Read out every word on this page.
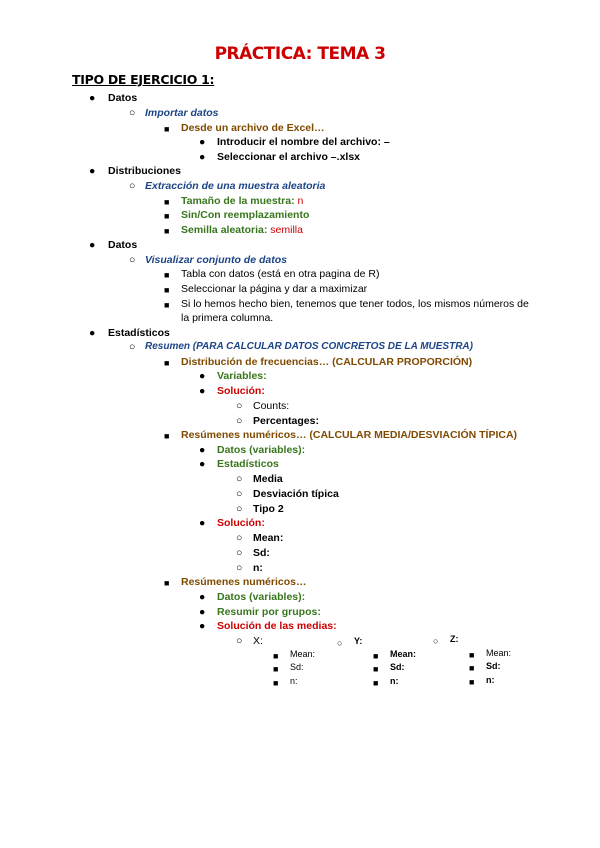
PRÁCTICA: TEMA 3
TIPO DE EJERCICIO 1:
● Datos
○ Importar datos
■ Desde un archivo de Excel…
● Introducir el nombre del archivo: –
● Seleccionar el archivo –.xlsx
● Distribuciones
○ Extracción de una muestra aleatoria
■ Tamaño de la muestra: n
■ Sin/Con reemplazamiento
■ Semilla aleatoria: semilla
● Datos
○ Visualizar conjunto de datos
■ Tabla con datos (está en otra pagina de R)
■ Seleccionar la página y dar a maximizar
■ Si lo hemos hecho bien, tenemos que tener todos, los mismos números de
la primera columna.
● Estadísticos
○ Resumen (PARA CALCULAR DATOS CONCRETOS DE LA MUESTRA)
■ Distribución de frecuencias… (CALCULAR PROPORCIÓN)
● Variables:
● Solución:
○ Counts:
○ Percentages:
■ Resúmenes numéricos… (CALCULAR MEDIA/DESVIACIÓN TÍPICA)
● Datos (variables):
● Estadísticos
○ Media
○ Desviación típica
○ Tipo 2
● Solución:
○ Mean:
○ Sd:
○ n:
■ Resúmenes numéricos…
● Datos (variables):
● Resumir por grupos:
● Solución de las medias:
○ X:	○ Y:	○ Z:
■ Mean:
■ Sd:
■ n:
■ Mean:
■ Sd:
■ n:
■ Mean:
■ Sd:
■ n:
